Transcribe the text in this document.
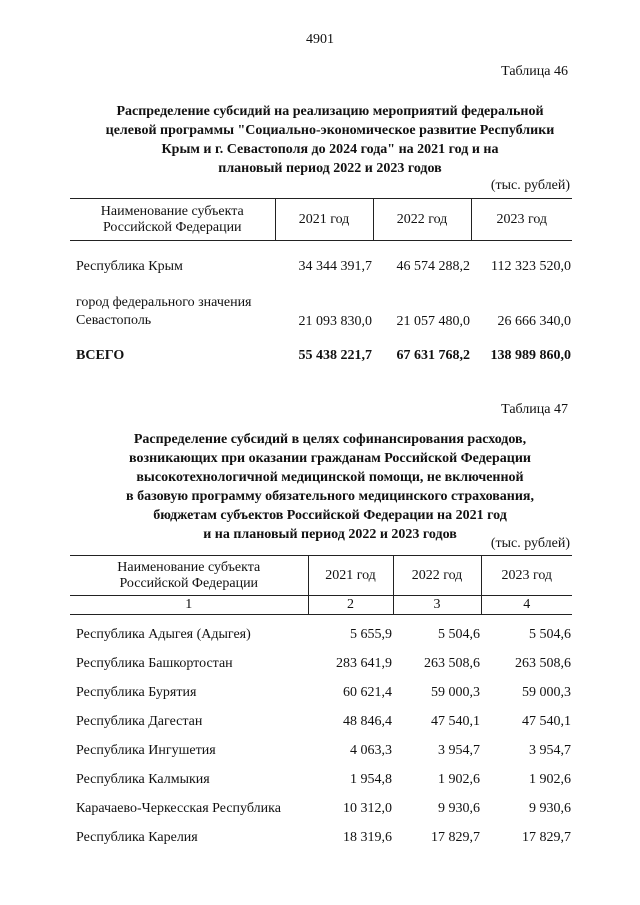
4901
Таблица 46
Распределение субсидий на реализацию мероприятий федеральной
целевой программы "Социально-экономическое развитие Республики
Крым и г. Севастополя до 2024 года" на 2021 год и на
плановый период 2022 и 2023 годов
(тыс. рублей)
Наименование субъекта
Российской Федерации	2021 год	2022 год	2023 год

Республика Крым	34 344 391,7	46 574 288,2	112 323 520,0

город федерального значения
Севастополь	21 093 830,0	21 057 480,0	26 666 340,0

ВСЕГО	55 438 221,7	67 631 768,2	138 989 860,0
Таблица 47
Распределение субсидий в целях софинансирования расходов,
возникающих при оказании гражданам Российской Федерации
высокотехнологичной медицинской помощи, не включенной
в базовую программу обязательного медицинского страхования,
бюджетам субъектов Российской Федерации на 2021 год
и на плановый период 2022 и 2023 годов
(тыс. рублей)
Наименование субъекта
Российской Федерации	2021 год	2022 год	2023 год
1	2	3	4

Республика Адыгея (Адыгея)	5 655,9	5 504,6	5 504,6
Республика Башкортостан	283 641,9	263 508,6	263 508,6
Республика Бурятия	60 621,4	59 000,3	59 000,3
Республика Дагестан	48 846,4	47 540,1	47 540,1
Республика Ингушетия	4 063,3	3 954,7	3 954,7
Республика Калмыкия	1 954,8	1 902,6	1 902,6
Карачаево-Черкесская Республика	10 312,0	9 930,6	9 930,6
Республика Карелия	18 319,6	17 829,7	17 829,7
